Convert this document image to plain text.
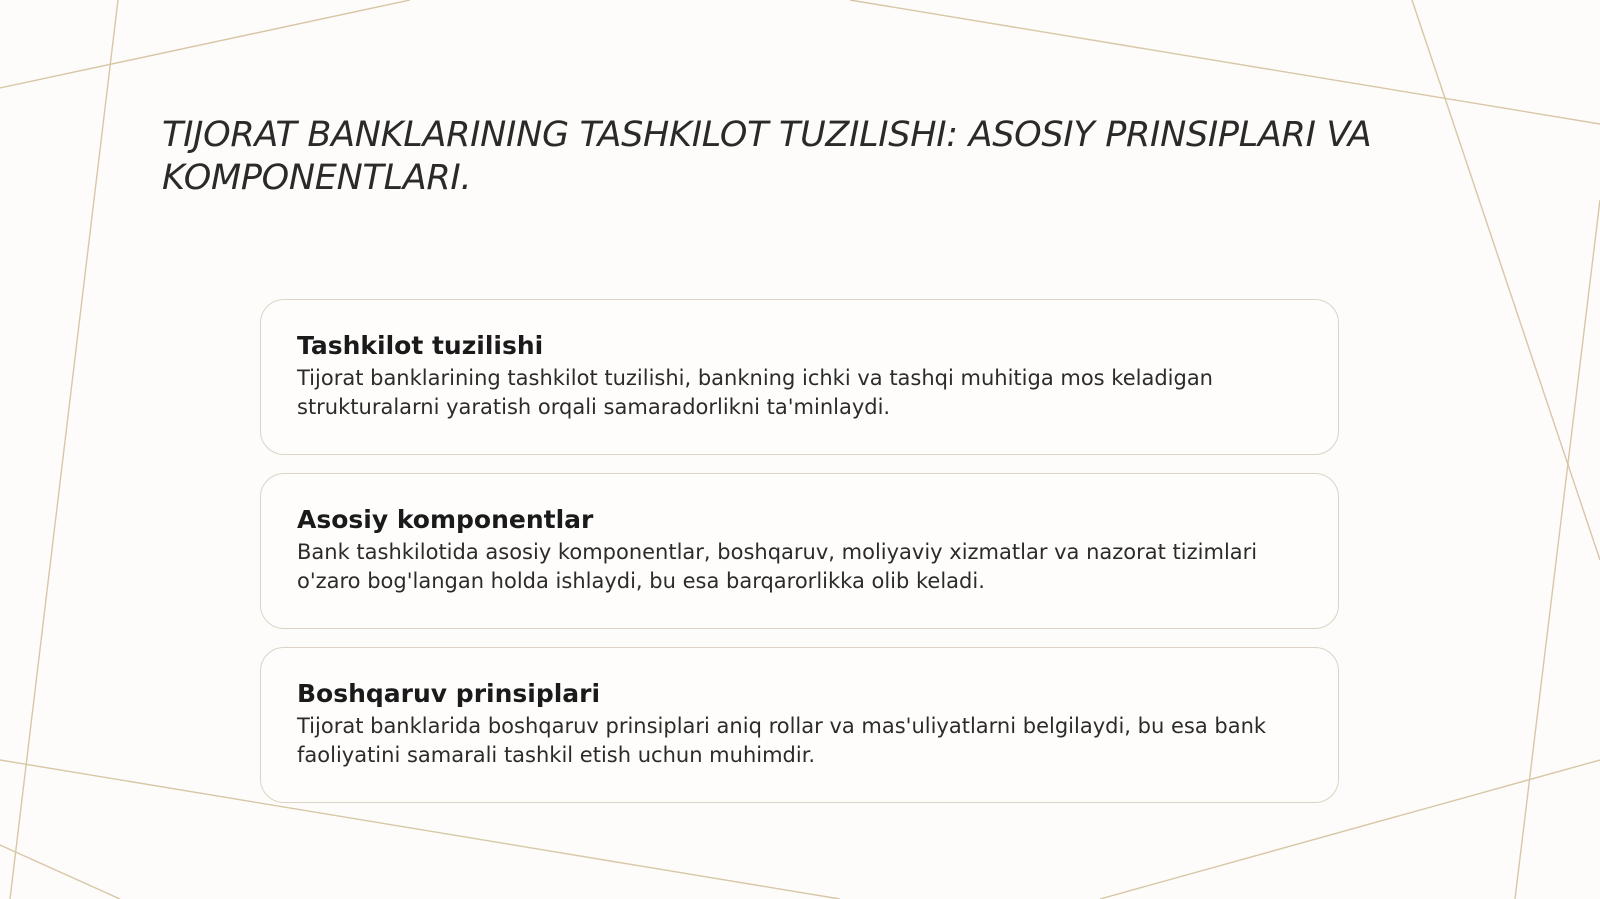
TIJORAT BANKLARINING TASHKILOT TUZILISHI: ASOSIY PRINSIPLARI VA KOMPONENTLARI.

Tashkilot tuzilishi

Tijorat banklarining tashkilot tuzilishi, bankning ichki va tashqi muhitiga mos keladigan strukturalarni yaratish orqali samaradorlikni ta'minlaydi.

Asosiy komponentlar

Bank tashkilotida asosiy komponentlar, boshqaruv, moliyaviy xizmatlar va nazorat tizimlari o'zaro bog'langan holda ishlaydi, bu esa barqarorlikka olib keladi.

Boshqaruv prinsiplari

Tijorat banklarida boshqaruv prinsiplari aniq rollar va mas'uliyatlarni belgilaydi, bu esa bank faoliyatini samarali tashkil etish uchun muhimdir.
